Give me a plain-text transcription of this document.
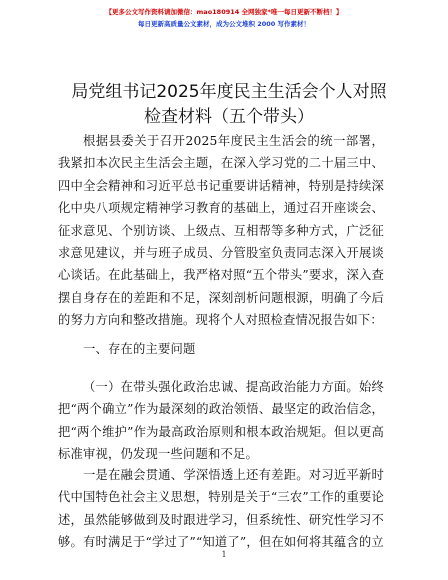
【更多公文写作资料请加微信：mao180914 全网独家*唯一每日更新不断档！】
每日更新高质量公文素材，成为公文堆积 2000 写作素材！
局党组书记2025年度民主生活会个人对照检查材料（五个带头）

根据县委关于召开2025年度民主生活会的统一部署，我紧扣本次民主生活会主题，在深入学习党的二十届三中、四中全会精神和习近平总书记重要讲话精神，特别是持续深化中央八项规定精神学习教育的基础上，通过召开座谈会、征求意见、个别访谈、上级点、互相帮等多种方式，广泛征求意见建议，并与班子成员、分管股室负责同志深入开展谈心谈话。在此基础上，我严格对照“五个带头”要求，深入查摆自身存在的差距和不足，深刻剖析问题根源，明确了今后的努力方向和整改措施。现将个人对照检查情况报告如下：

一、存在的主要问题

（一）在带头强化政治忠诚、提高政治能力方面。始终把“两个确立”作为最深刻的政治领悟、最坚定的政治信念，把“两个维护”作为最高政治原则和根本政治规矩。但以更高标准审视，仍发现一些问题和不足。

一是在融会贯通、学深悟透上还有差距。对习近平新时代中国特色社会主义思想，特别是关于“三农”工作的重要论述，虽然能够做到及时跟进学习，但系统性、研究性学习不够。有时满足于“学过了”“知道了”，但在如何将其蕴含的立

1
